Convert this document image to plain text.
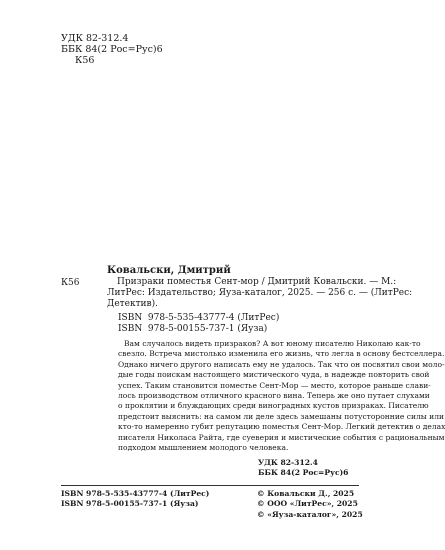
УДК 82-312.4
ББК 84(2 Рос=Рус)6
К56
Ковальски, Дмитрий
К56	Призраки поместья Сент-мор / Дмитрий Ковальски. — М.:
ЛитРес: Издательство; Яуза-каталог, 2025. — 256 с. — (ЛитРес:
Детектив).
ISBN  978-5-535-43777-4 (ЛитРес)
ISBN  978-5-00155-737-1 (Яуза)
Вам случалось видеть призраков? А вот юному писателю Николаю как-то
свезло. Встреча мистолько изменила его жизнь, что легла в основу бестселлера.
Однако ничего другого написать ему не удалось. Так что он посвятил свои моло-
дые годы поискам настоящего мистического чуда, в надежде повторить свой
успех. Таким становится поместье Сент-Мор — место, которое раньше слави-
лось производством отличного красного вина. Теперь же оно путает слухами
о проклятии и блуждающих среди виноградных кустов призраках. Писателю
предстоит выяснить: на самом ли деле здесь замешаны потусторонние силы или
кто-то намеренно губит репутацию поместья Сент-Мор. Легкий детектив о делах
писателя Николаса Райта, где суеверия и мистические события с рациональным
подходом мышлением молодого человека.
УДК 82-312.4
ББК 84(2 Рос=Рус)6
ISBN 978-5-535-43777-4 (ЛитРес)
ISBN 978-5-00155-737-1 (Яуза)
© Ковальски Д., 2025
© ООО «ЛитРес», 2025
© «Яуза-каталог», 2025
